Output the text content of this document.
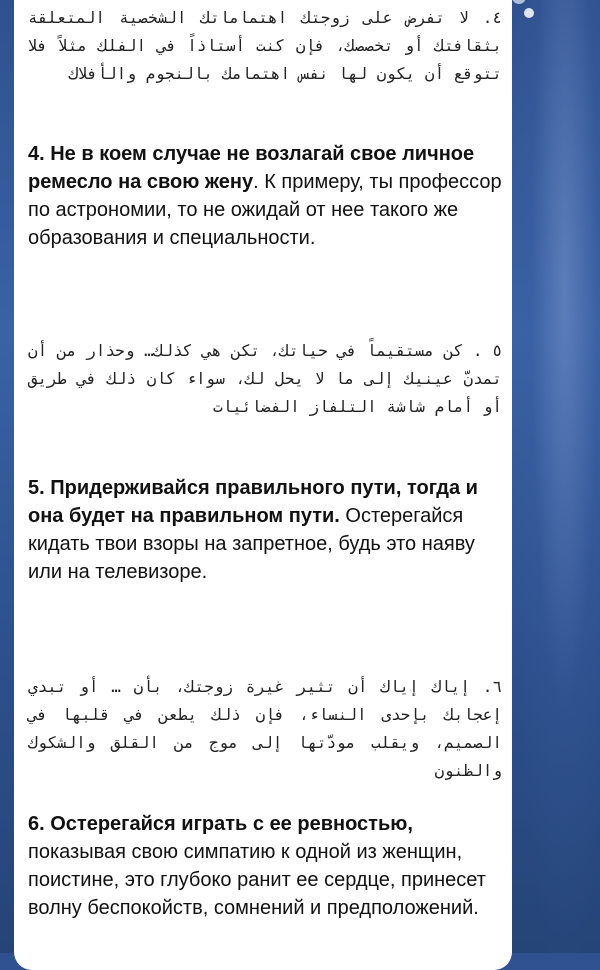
٤. لا تفرض على زوجتك اهتماماتك الشخصية المتعلقة بثقافتك أو تخصصك، فإن كنت أستاذاً في الفلك مثلاً فلا تتوقع أن يكون لها نفس اهتمامك بالنجوم والأفلاك
4. Не в коем случае не возлагай свое личное ремесло на свою жену. К примеру, ты профессор по астрономии, то не ожидай от нее такого же образования и специальности.
٥ . كن مستقيماً في حياتك، تكن هي كذلك… وحذار من أن تمدنّ عينيك إلى ما لا يحل لك، سواء كان ذلك في طريق أو أمام شاشة التلفاز الفضائيات
5. Придерживайся правильного пути, тогда и она будет на правильном пути. Остерегайся кидать твои взоры на запретное, будь это наяву или на телевизоре.
٦. إياك إياك أن تثير غيرة زوجتك، بأن … أو تبدي إعجابك بإحدى النساء، فإن ذلك يطعن في قلبها في الصميم، ويقلب مودّتها إلى موج من القلق والشكوك والظنون
6. Остерегайся играть с ее ревностью, показывая свою симпатию к одной из женщин, поистине, это глубоко ранит ее сердце, принесет волну беспокойств, сомнений и предположений.
